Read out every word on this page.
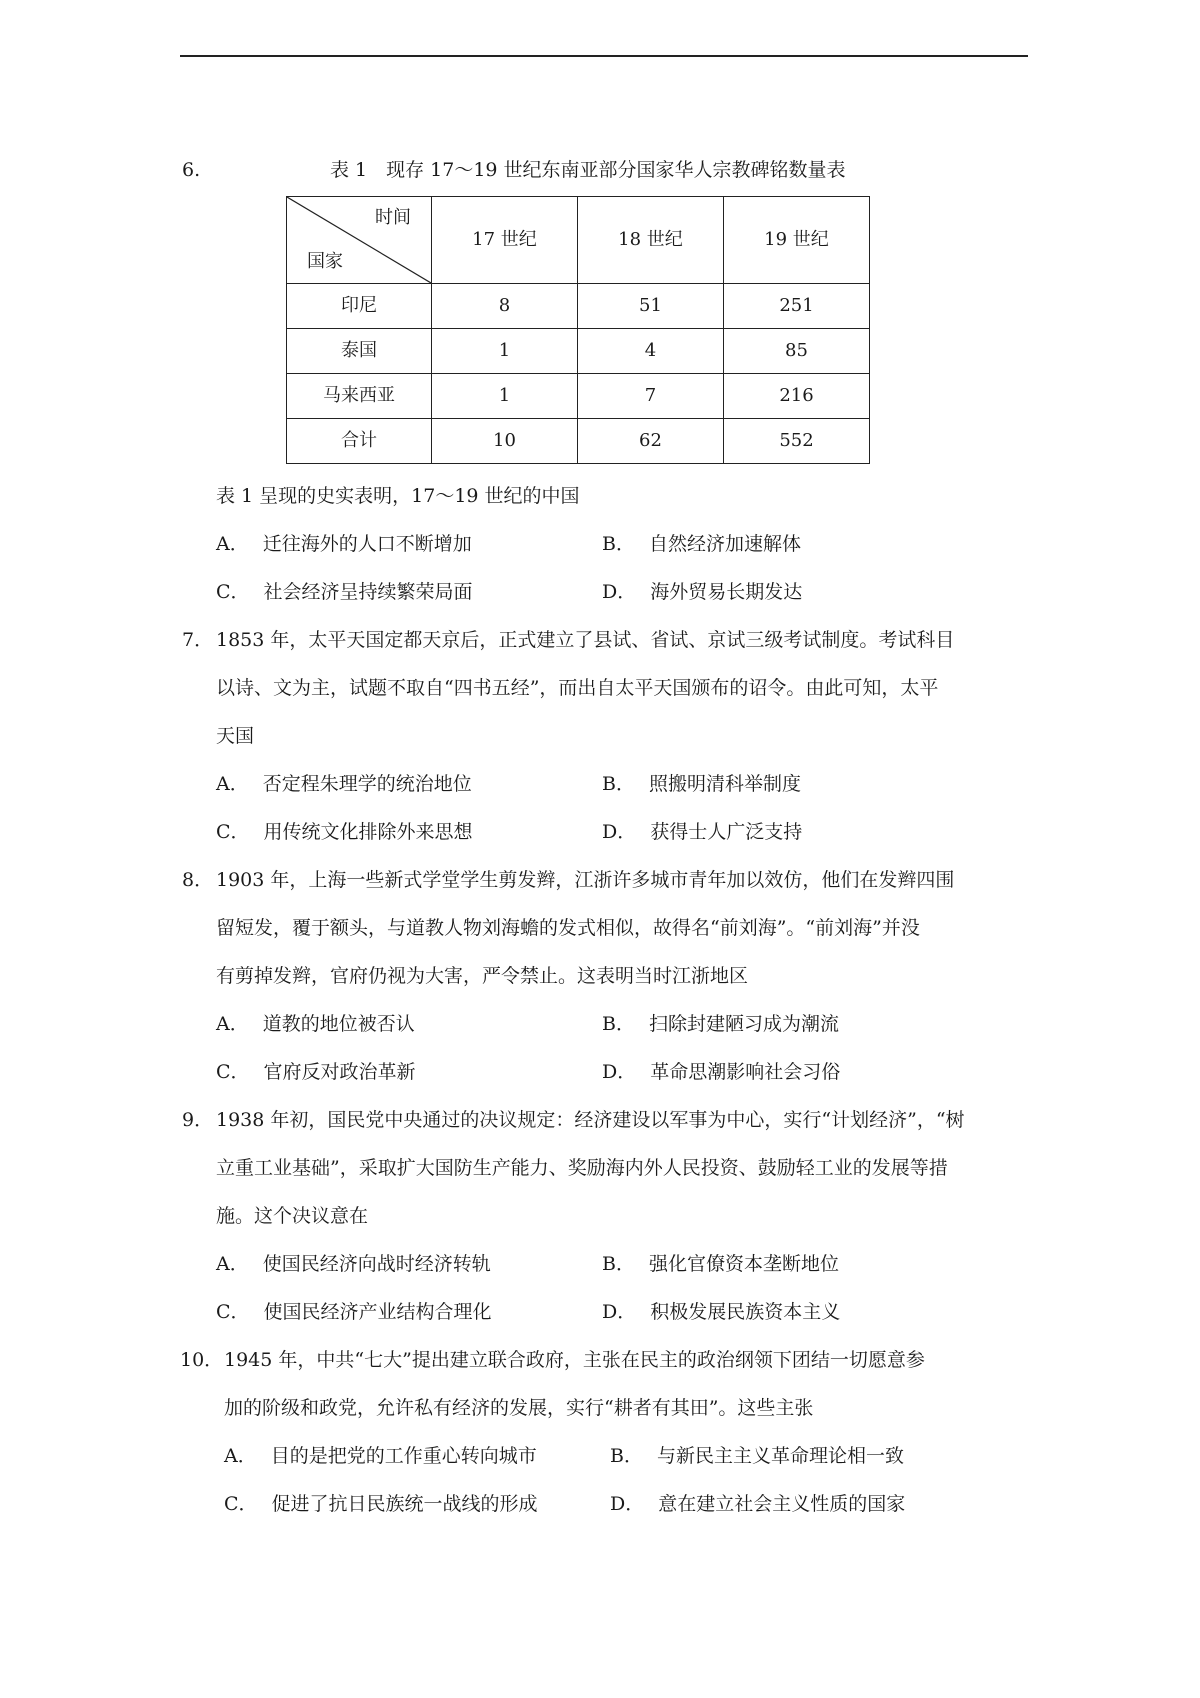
6.	表 1　现存 17～19 世纪东南亚部分国家华人宗教碑铭数量表
时间
国家	17 世纪	18 世纪	19 世纪
印尼	8	51	251
泰国	1	4	85
马来西亚	1	7	216
合计	10	62	552
表 1 呈现的史实表明，17～19 世纪的中国
A． 迁往海外的人口不断增加	B． 自然经济加速解体
C． 社会经济呈持续繁荣局面	D． 海外贸易长期发达
7． 1853 年，太平天国定都天京后，正式建立了县试、省试、京试三级考试制度。考试科目
以诗、文为主，试题不取自“四书五经”，而出自太平天国颁布的诏令。由此可知，太平
天国
A． 否定程朱理学的统治地位	B． 照搬明清科举制度
C． 用传统文化排除外来思想	D． 获得士人广泛支持
8． 1903 年，上海一些新式学堂学生剪发辫，江浙许多城市青年加以效仿，他们在发辫四围
留短发，覆于额头，与道教人物刘海蟾的发式相似，故得名“前刘海”。“前刘海”并没
有剪掉发辫，官府仍视为大害，严令禁止。这表明当时江浙地区
A． 道教的地位被否认	B． 扫除封建陋习成为潮流
C． 官府反对政治革新	D． 革命思潮影响社会习俗
9． 1938 年初，国民党中央通过的决议规定：经济建设以军事为中心，实行“计划经济”，“树
立重工业基础”，采取扩大国防生产能力、奖励海内外人民投资、鼓励轻工业的发展等措
施。这个决议意在
A． 使国民经济向战时经济转轨	B． 强化官僚资本垄断地位
C． 使国民经济产业结构合理化	D． 积极发展民族资本主义
10． 1945 年，中共“七大”提出建立联合政府，主张在民主的政治纲领下团结一切愿意参
加的阶级和政党，允许私有经济的发展，实行“耕者有其田”。这些主张
A． 目的是把党的工作重心转向城市	B． 与新民主主义革命理论相一致
C． 促进了抗日民族统一战线的形成	D． 意在建立社会主义性质的国家
